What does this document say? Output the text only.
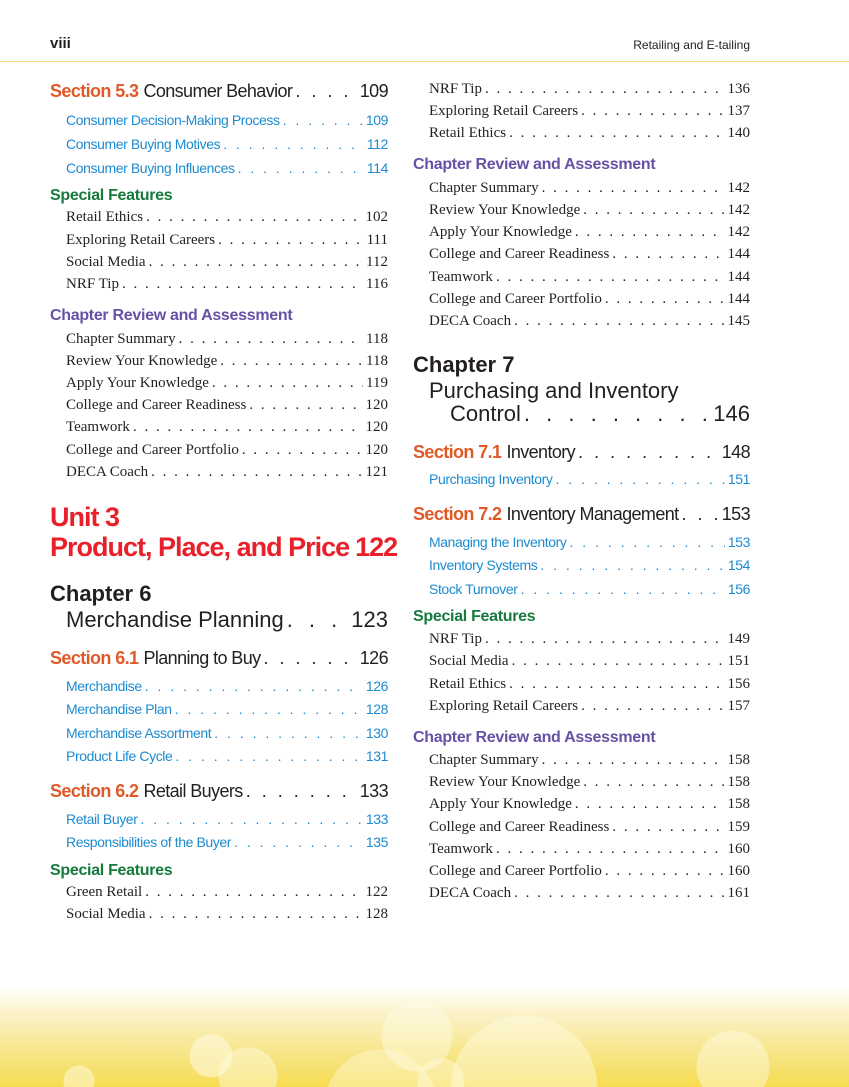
viii	Retailing and E-tailing
Section 5.3 Consumer Behavior . . .	109
Consumer Decision-Making Process . . .	109
Consumer Buying Motives . . .	112
Consumer Buying Influences . . .	114
Special Features
Retail Ethics . . .	102
Exploring Retail Careers . . .	111
Social Media . . .	112
NRF Tip . . .	116
Chapter Review and Assessment
Chapter Summary . . .	118
Review Your Knowledge . . .	118
Apply Your Knowledge . . .	119
College and Career Readiness . . .	120
Teamwork . . .	120
College and Career Portfolio . . .	120
DECA Coach . . .	121
Unit 3
Product, Place, and Price 122
Chapter 6
Merchandise Planning . . .	123
Section 6.1 Planning to Buy . . .	126
Merchandise . . .	126
Merchandise Plan . . .	128
Merchandise Assortment . . .	130
Product Life Cycle . . .	131
Section 6.2 Retail Buyers . . .	133
Retail Buyer . . .	133
Responsibilities of the Buyer . . .	135
Special Features
Green Retail . . .	122
Social Media . . .	128
NRF Tip . . .	136
Exploring Retail Careers . . .	137
Retail Ethics . . .	140
Chapter Review and Assessment
Chapter Summary . . .	142
Review Your Knowledge . . .	142
Apply Your Knowledge . . .	142
College and Career Readiness . . .	144
Teamwork . . .	144
College and Career Portfolio . . .	144
DECA Coach . . .	145
Chapter 7
Purchasing and Inventory
Control . . .	146
Section 7.1 Inventory . . .	148
Purchasing Inventory . . .	151
Section 7.2 Inventory Management . . . 153
Managing the Inventory . . .	153
Inventory Systems . . .	154
Stock Turnover . . .	156
Special Features
NRF Tip . . .	149
Social Media . . .	151
Retail Ethics . . .	156
Exploring Retail Careers . . .	157
Chapter Review and Assessment
Chapter Summary . . .	158
Review Your Knowledge . . .	158
Apply Your Knowledge . . .	158
College and Career Readiness . . .	159
Teamwork . . .	160
College and Career Portfolio . . .	160
DECA Coach . . .	161
